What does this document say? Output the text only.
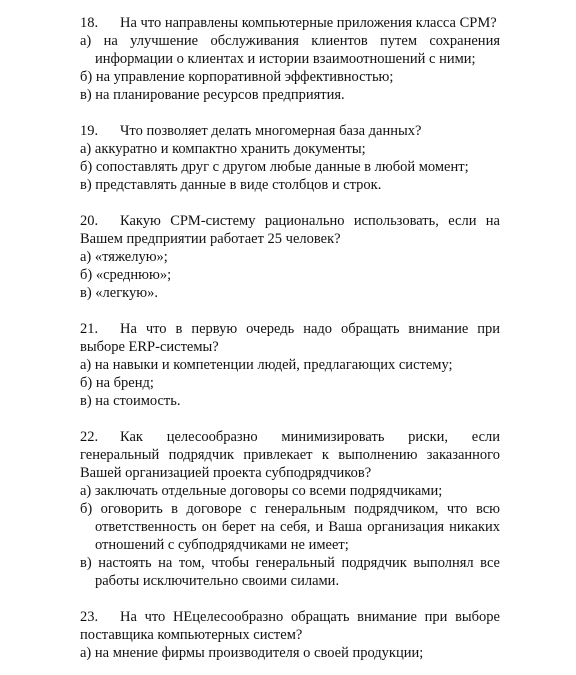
18.	На что направлены компьютерные приложения класса CPM?
а) на улучшение обслуживания клиентов путем сохранения информации о клиентах и истории взаимоотношений с ними;
б) на управление корпоративной эффективностью;
в) на планирование ресурсов предприятия.
19.	Что позволяет делать многомерная база данных?
а) аккуратно и компактно хранить документы;
б) сопоставлять друг с другом любые данные в любой момент;
в) представлять данные в виде столбцов и строк.
20.	Какую CPM-систему рационально использовать, если на Вашем предприятии работает 25 человек?
а) «тяжелую»;
б) «среднюю»;
в) «легкую».
21.	На что в первую очередь надо обращать внимание при выборе ERP-системы?
а) на навыки и компетенции людей, предлагающих систему;
б) на бренд;
в) на стоимость.
22.	Как целесообразно минимизировать риски, если генеральный подрядчик привлекает к выполнению заказанного Вашей организацией проекта субподрядчиков?
а) заключать отдельные договоры со всеми подрядчиками;
б) оговорить в договоре с генеральным подрядчиком, что всю ответственность он берет на себя, и Ваша организация никаких отношений с субподрядчиками не имеет;
в) настоять на том, чтобы генеральный подрядчик выполнял все работы исключительно своими силами.
23.	На что НЕцелесообразно обращать внимание при выборе поставщика компьютерных систем?
а) на мнение фирмы производителя о своей продукции;
